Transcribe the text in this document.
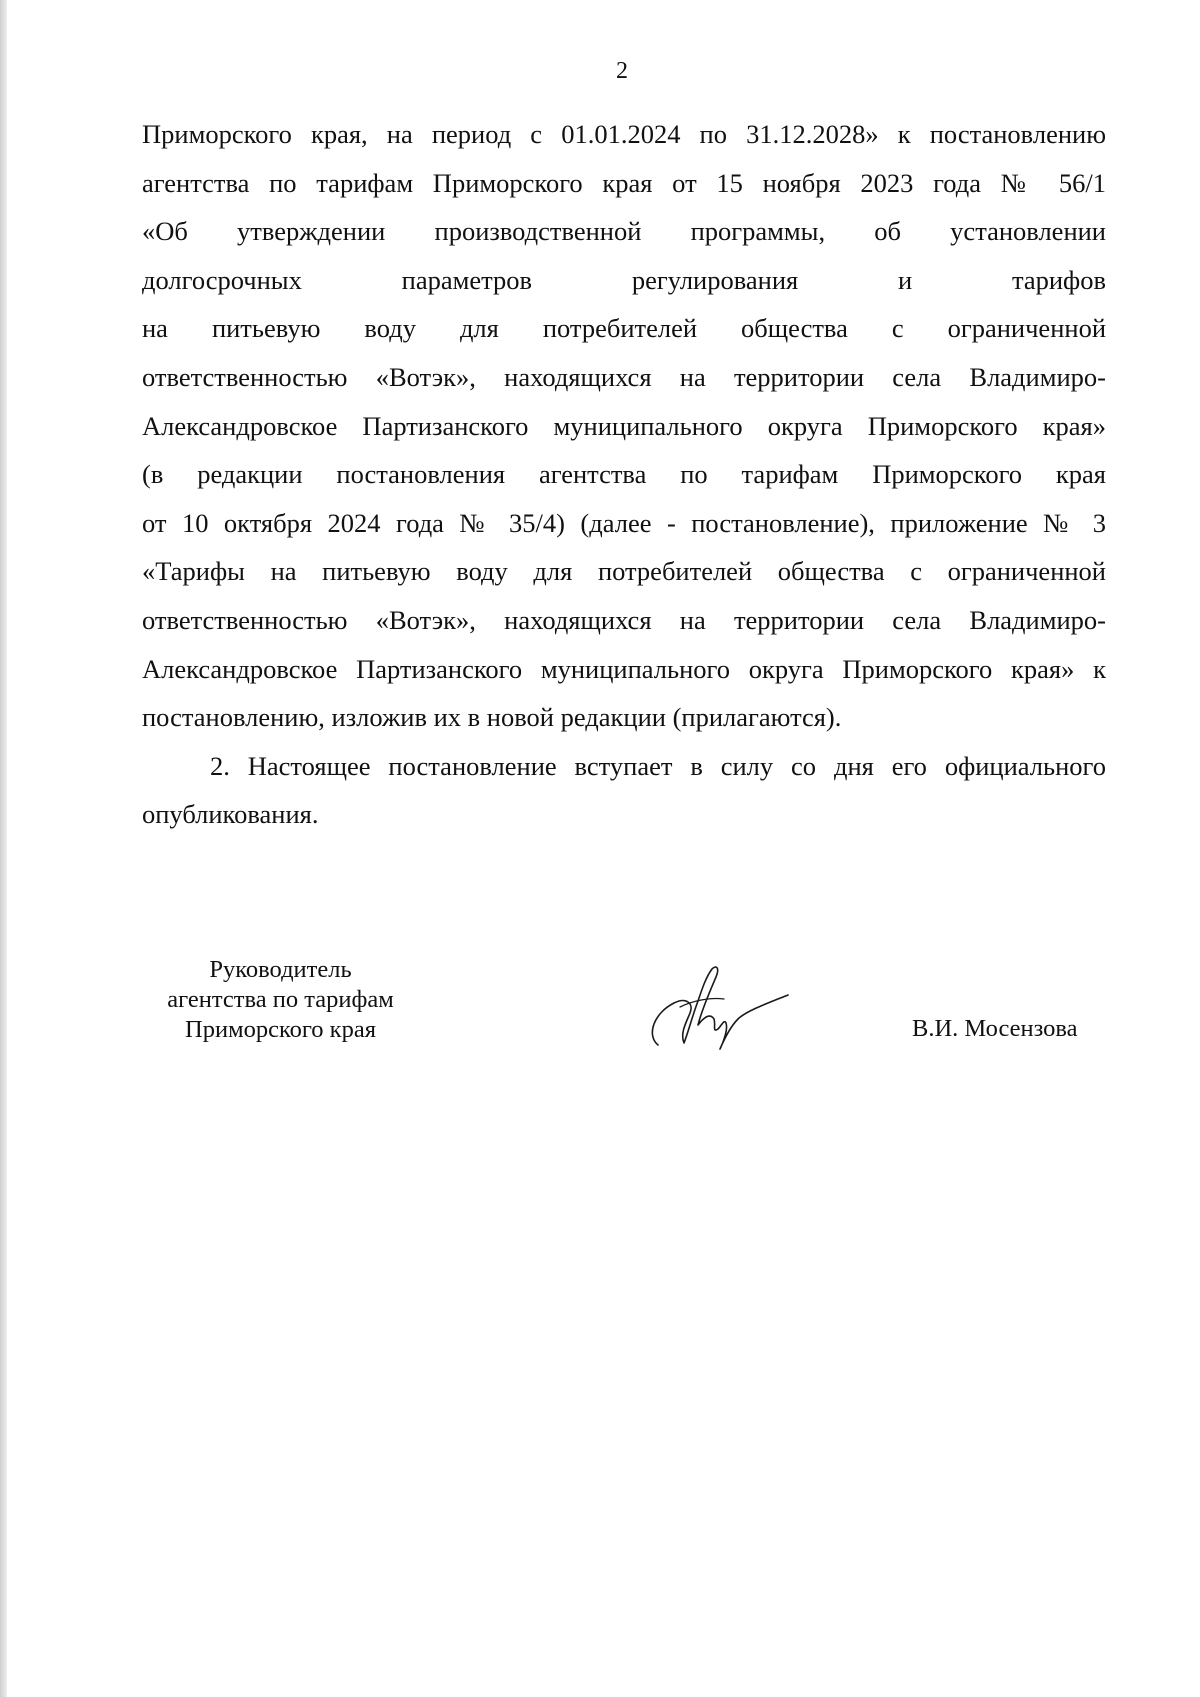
2
Приморского края, на период с 01.01.2024 по 31.12.2028» к постановлению
агентства по тарифам Приморского края от 15 ноября 2023 года № 56/1
«Об утверждении производственной программы, об установлении
долгосрочных параметров регулирования и тарифов
на питьевую воду для потребителей общества с ограниченной
ответственностью «Вотэк», находящихся на территории села Владимиро-
Александровское Партизанского муниципального округа Приморского края»
(в редакции постановления агентства по тарифам Приморского края
от 10 октября 2024 года № 35/4) (далее - постановление), приложение № 3
«Тарифы на питьевую воду для потребителей общества с ограниченной
ответственностью «Вотэк», находящихся на территории села Владимиро-
Александровское Партизанского муниципального округа Приморского края» к
постановлению, изложив их в новой редакции (прилагаются).
2. Настоящее постановление вступает в силу со дня его официального
опубликования.
Руководитель
агентства по тарифам
Приморского края	В.И. Мосензова
